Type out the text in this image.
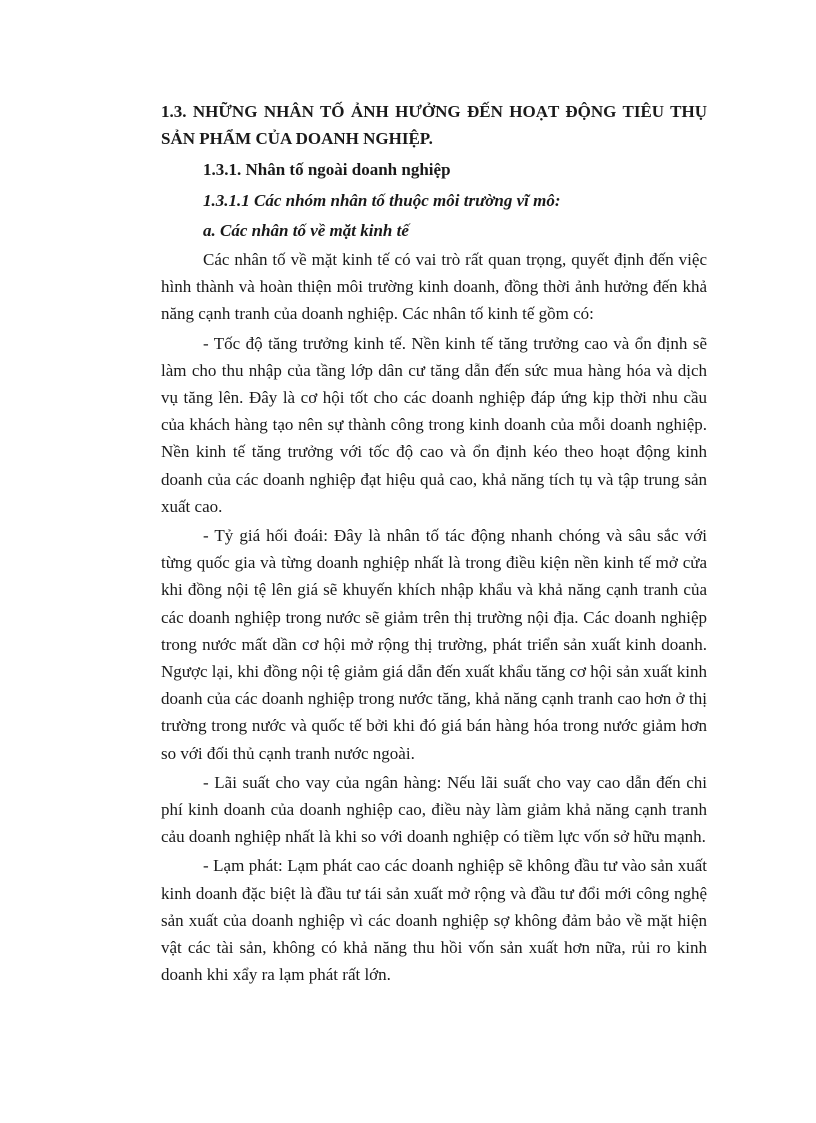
1.3. NHỮNG NHÂN TỐ ẢNH HƯỞNG ĐẾN HOẠT ĐỘNG TIÊU THỤ SẢN PHẨM CỦA DOANH NGHIỆP.

1.3.1. Nhân tố ngoài doanh nghiệp

1.3.1.1 Các nhóm nhân tố thuộc môi trường vĩ mô:

a. Các nhân tố về mặt kinh tế

Các nhân tố về mặt kinh tế có vai trò rất quan trọng, quyết định đến việc hình thành và hoàn thiện môi trường kinh doanh, đồng thời ảnh hưởng đến khả năng cạnh tranh của doanh nghiệp. Các nhân tố kinh tế gồm có:

- Tốc độ tăng trưởng kinh tế. Nền kinh tế tăng trưởng cao và ổn định sẽ làm cho thu nhập của tầng lớp dân cư tăng dẫn đến sức mua hàng hóa và dịch vụ tăng lên. Đây là cơ hội tốt cho các doanh nghiệp đáp ứng kịp thời nhu cầu của khách hàng tạo nên sự thành công trong kinh doanh của mỗi doanh nghiệp. Nền kinh tế tăng trưởng với tốc độ cao và ổn định kéo theo hoạt động kinh doanh của các doanh nghiệp đạt hiệu quả cao, khả năng tích tụ và tập trung sản xuất cao.

- Tỷ giá hối đoái: Đây là nhân tố tác động nhanh chóng và sâu sắc với từng quốc gia và từng doanh nghiệp nhất là trong điều kiện nền kinh tế mở cửa khi đồng nội tệ lên giá sẽ khuyến khích nhập khẩu và khả năng cạnh tranh của các doanh nghiệp trong nước sẽ giảm trên thị trường nội địa. Các doanh nghiệp trong nước mất dần cơ hội mở rộng thị trường, phát triển sản xuất kinh doanh. Ngược lại, khi đồng nội tệ giảm giá dẫn đến xuất khẩu tăng cơ hội sản xuất kinh doanh của các doanh nghiệp trong nước tăng, khả năng cạnh tranh cao hơn ở thị trường trong nước và quốc tế bởi khi đó giá bán hàng hóa trong nước giảm hơn so với đối thủ cạnh tranh nước ngoài.

- Lãi suất cho vay của ngân hàng: Nếu lãi suất cho vay cao dẫn đến chi phí kinh doanh của doanh nghiệp cao, điều này làm giảm khả năng cạnh tranh cảu doanh nghiệp nhất là khi so với doanh nghiệp có tiềm lực vốn sở hữu mạnh.

- Lạm phát: Lạm phát cao các doanh nghiệp sẽ không đầu tư vào sản xuất kinh doanh đặc biệt là đầu tư tái sản xuất mở rộng và đầu tư đổi mới công nghệ sản xuất của doanh nghiệp vì các doanh nghiệp sợ không đảm bảo về mặt hiện vật các tài sản, không có khả năng thu hồi vốn sản xuất hơn nữa, rủi ro kinh doanh khi xẩy ra lạm phát rất lớn.
